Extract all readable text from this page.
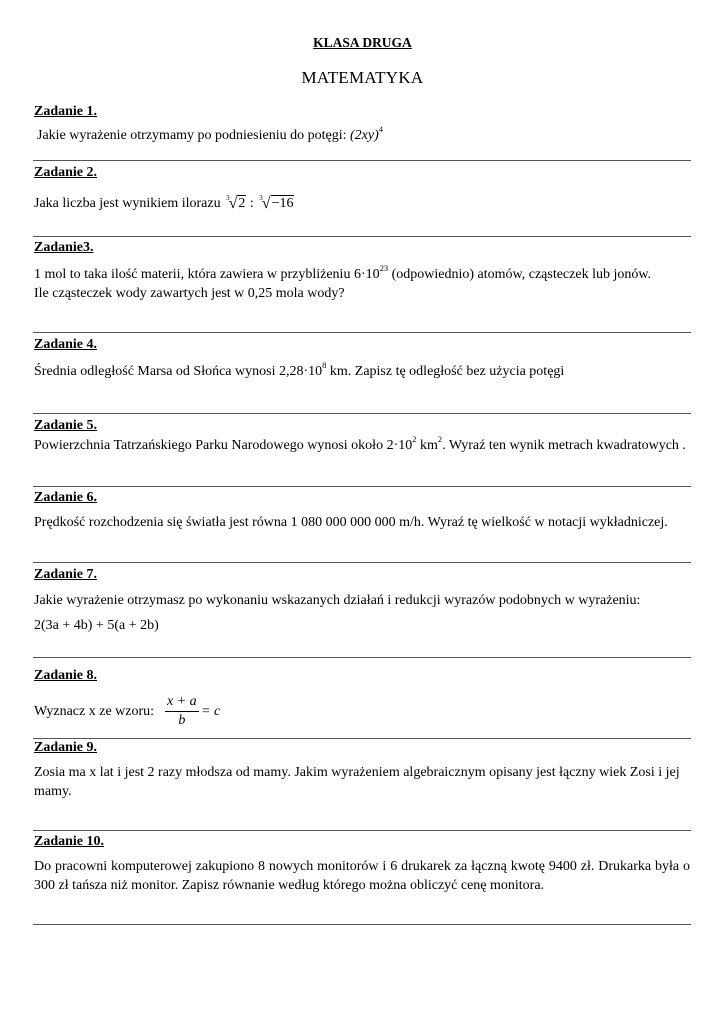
KLASA DRUGA
MATEMATYKA
Zadanie 1.
Jakie wyrażenie otrzymamy po podniesieniu do potęgi: $(2xy)^4$
Zadanie 2.
Jaka liczba jest wynikiem ilorazu $^3$√2 : $^3$√−16
Zadanie3.
1 mol to taka ilość materii, która zawiera w przybliżeniu $6\cdot 10^{23}$ (odpowiednio) atomów, cząsteczek lub jonów.
Ile cząsteczek wody zawartych jest w 0,25 mola wody?
Zadanie 4.
Średnia odległość Marsa od Słońca wynosi $2,28\cdot 10^8$ km. Zapisz tę odległość bez użycia potęgi
Zadanie 5.
Powierzchnia Tatrzańskiego Parku Narodowego wynosi około $2\cdot 10^2$ $km^2$. Wyraź ten wynik metrach kwadratowych .
Zadanie 6.
Prędkość rozchodzenia się światła jest równa 1 080 000 000 000 m/h. Wyraź tę wielkość w notacji wykładniczej.
Zadanie 7.
Jakie wyrażenie otrzymasz po wykonaniu wskazanych działań i redukcji wyrazów podobnych w wyrażeniu:
2(3a + 4b) + 5(a + 2b)
Zadanie 8.
Wyznacz x ze wzoru:
x + a
b
= c
Zadanie 9.
Zosia ma x lat i jest 2 razy młodsza od mamy. Jakim wyrażeniem algebraicznym opisany jest łączny wiek Zosi i jej mamy.
Zadanie 10.
Do pracowni komputerowej zakupiono 8 nowych monitorów i 6 drukarek za łączną kwotę 9400 zł. Drukarka była o 300 zł tańsza niż monitor. Zapisz równanie według którego można obliczyć cenę monitora.
